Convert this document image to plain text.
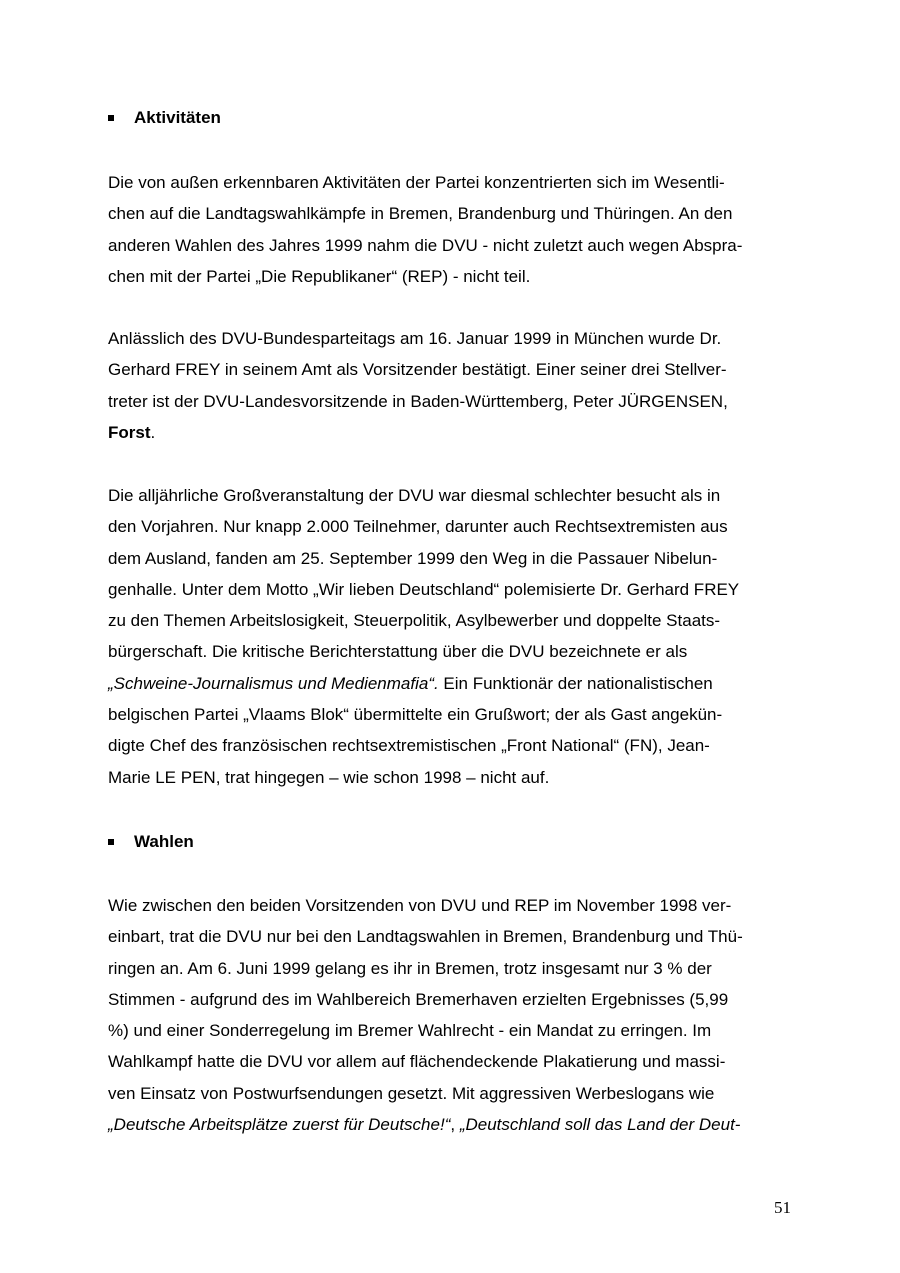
Aktivitäten

Die von außen erkennbaren Aktivitäten der Partei konzentrierten sich im Wesentli-
chen auf die Landtagswahlkämpfe in Bremen, Brandenburg und Thüringen. An den
anderen Wahlen des Jahres 1999 nahm die DVU - nicht zuletzt auch wegen Abspra-
chen mit der Partei „Die Republikaner“ (REP) - nicht teil.

Anlässlich des DVU-Bundesparteitags am 16. Januar 1999 in München wurde Dr.
Gerhard FREY in seinem Amt als Vorsitzender bestätigt. Einer seiner drei Stellver-
treter ist der DVU-Landesvorsitzende in Baden-Württemberg, Peter JÜRGENSEN,
Forst.

Die alljährliche Großveranstaltung der DVU war diesmal schlechter besucht als in
den Vorjahren. Nur knapp 2.000 Teilnehmer, darunter auch Rechtsextremisten aus
dem Ausland, fanden am 25. September 1999 den Weg in die Passauer Nibelun-
genhalle. Unter dem Motto „Wir lieben Deutschland“ polemisierte Dr. Gerhard FREY
zu den Themen Arbeitslosigkeit, Steuerpolitik, Asylbewerber und doppelte Staats-
bürgerschaft. Die kritische Berichterstattung über die DVU bezeichnete er als
„Schweine-Journalismus und Medienmafia“. Ein Funktionär der nationalistischen
belgischen Partei „Vlaams Blok“ übermittelte ein Grußwort; der als Gast angekün-
digte Chef des französischen rechtsextremistischen „Front National“ (FN), Jean-
Marie LE PEN, trat hingegen – wie schon 1998 – nicht auf.

Wahlen

Wie zwischen den beiden Vorsitzenden von DVU und REP im November 1998 ver-
einbart, trat die DVU nur bei den Landtagswahlen in Bremen, Brandenburg und Thü-
ringen an. Am 6. Juni 1999 gelang es ihr in Bremen, trotz insgesamt nur 3 % der
Stimmen - aufgrund des im Wahlbereich Bremerhaven erzielten Ergebnisses (5,99
%) und einer Sonderregelung im Bremer Wahlrecht - ein Mandat zu erringen. Im
Wahlkampf hatte die DVU vor allem auf flächendeckende Plakatierung und massi-
ven Einsatz von Postwurfsendungen gesetzt. Mit aggressiven Werbeslogans wie
„Deutsche Arbeitsplätze zuerst für Deutsche!“, „Deutschland soll das Land der Deut-

51
